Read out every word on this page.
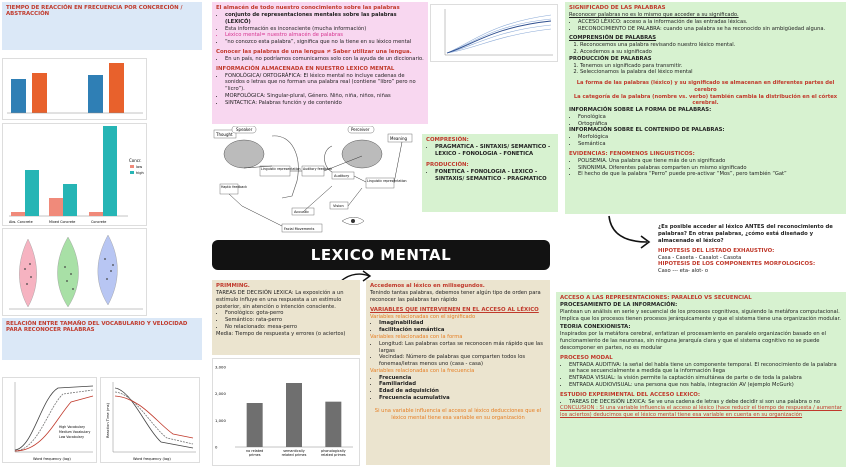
TIEMPO DE REACCIÓN EN FRECUENCIA POR CONCRECIÓN / ABSTRACCIÓN
Concr.
low
high
Abs. Concrete	Mixed Concrete	Concrete
RELACIÓN ENTRE TAMAÑO DEL VOCABULARIO Y VELOCIDAD PARA RECONOCER PALABRAS
High Vocabulary
Medium Vocabulary
Low Vocabulary
Word frequency (log)	Word frequency (log)
Reaction Time (ms)
El almacén de todo nuestro conocimiento sobre las palabras
• conjunto de representaciones mentales sobre las palabras (LEXICÓ)
• Esta información es inconsciente (mucha información)
• Léxico mental= nuestro almacén de palabras
• “no conozco esta palabra”, significa que no la tiene en su léxico mental
Conocer las palabras de una lengua ≠ Saber utilizar una lengua.
• En un país, no podríamos comunicarnos solo con la ayuda de un diccionario.
INFORMACIÓN ALMACENADA EN NUESTRO LEXICO MENTAL
• FONOLÓGICA/ ORTOGRÁFICA: El léxico mental no incluye cadenas de sonidos o letras que no forman una palabra real (contiene “libro” pero no “licro”).
• MORFOLÓGICA: Singular-plural, Género. Niño, niña, niños, niñas
• SINTACTICA: Palabras función y de contenido
Thought
Speaker	Perceiver
Meaning
Linguistic representation Auditory feedback
Auditory
Linguistic representation
Haptic feedback
Acoustic
Vision
Facial Movements
COMPRESIÓN:
• PRAGMATICA - SINTAXIS/ SEMANTICO - LEXICO - FONOLOGIA - FONETICA
PRODUCCIÓN:
• FONETICA - FONOLOGIA - LEXICO - SINTAXIS/ SEMANTICO - PRAGMATICO
SIGNIFICADO DE LAS PALABRAS
Reconocer palabras no es lo mismo que acceder a su significado.
• ACCESO LÉXICO: acceso a la información de las entradas léxicas.
• RECONOCIMIENTO DE PALABRA: cuando una palabra se ha reconocido sin ambigüedad alguna.
COMPRENSIÓN DE PALABRAS
1. Reconocemos una palabra revisando nuestro léxico mental.
2. Accedemos a su significado
PRODUCCIÓN DE PALABRAS
1. Tenemos un significado para transmitir.
2. Seleccionamos la palabra del léxico mental
La forma de las palabras (léxico) y su significado se almacenan en diferentes partes del cerebro
La categoría de la palabra (nombre vs. verbo) también cambia la distribución en el córtex cerebral.
INFORMACIÓN SOBRE LA FORMA DE PALABRAS:
• Fonológica
• Ortográfica
INFORMACIÓN SOBRE EL CONTENIDO DE PALABRAS:
• Morfológica
• Semántica
EVIDENCIAS: FENOMENOS LINGUISTICOS:
• POLISEMIA. Una palabra que tiene más de un significado
• SINONIMIA. Diferentes palabras comparten un mismo significado
• El hecho de que la palabra “Perro” puede pre-activar “Mos”, pero también “Gat”
¿Es posible acceder al léxico ANTES del reconocimiento de palabras? En otras palabras, ¿cómo está diseñado y almacenado el léxico?
HIPOTESIS DEL LISTADO EXHAUSTIVO:
Casa - Caseta - Casalot - Casota
HIPOTESIS DE LOS COMPONENTES MORFOLOGICOS:
Caso --- eta- alot- o
LEXICO MENTAL
PRIMMING.
TAREAS DE DECISIÓN LEXICA: La exposición a un estímulo influye en una respuesta a un estímulo posterior, sin atención o intención consciente.
• Fonológico: gota-perro
• Semántico: rata-perro
• No relacionado: mesa-perro
Media: Tiempo de respuesta y errores (o aciertos)
0
1,000
2,000
3,000
no related
primes
semantically
related primes
phonologically
related primes
Accedemos al léxico en milisegundos.
Tenindo tantas palabras, debemos tener algún tipo de orden para reconocer las palabras tan rápido
VARIABLES QUE INTERVIENEN EN EL ACCESO AL LÉXICO
Variables relacionadas con el significado
• Imaginabilidad
• facilitación semántica
Variables relacionadas con la forma
• Longitud: Las palabras cortas se reconocen más rápido que las largas
• Vecindad: Número de palabras que comparten todos los fonemas/letras menos uno (casa - casa)
Variables relacionadas con la frecuencia
• Frecuencia
• Familiaridad
• Edad de adquisición
• Frecuencia acumulativa
Si una variable influencia el acceso al léxico deducciones que el léxico mental tiene esa variable en su organización
ACCESO A LAS REPRESENTACIONES: PARALELO VS SECUENCIAL
PROCESAMIENTO DE LA INFORMACIÓN:
Plantean un análisis en serie y secuencial de los procesos cognitivos, siguiendo la metáfora computacional. Implica que los procesos tienen procesos jerárquicamente y que el sistema tiene una organización modular.
TEORIA CONEXIONISTA:
Inspirados por la metáfora cerebral, enfatizan el procesamiento en paralelo organización basado en el funcionamiento de las neuronas, sin ninguna jerarquía clara y que el sistema cognitivo no se puede descomponer en partes, no es modular
PROCESO MODAL
• ENTRADA AUDITIVA: la señal del habla tiene un componente temporal. El reconocimiento de la palabra se hace secuencialmente a medida que la información llega
• ENTRADA VISUAL: la visión permite la captación simultánea de parte o de toda la palabra
• ENTRADA AUDIOVISUAL: una persona que nos habla, integración AV (ejemplo McGurk)
ESTUDIO EXPERIMENTAL DEL ACCESO LEXICO:
• TAREAS DE DECISIÓN LEXICA: Se ve una cadena de letras y debe decidir si son una palabra o no
CONCLUSION : Si una variable influencia el acceso al léxico (hace reducir el tiempo de respuesta / aumentar los aciertos) deducimos que el léxico mental tiene esa variable en cuenta en su organización
